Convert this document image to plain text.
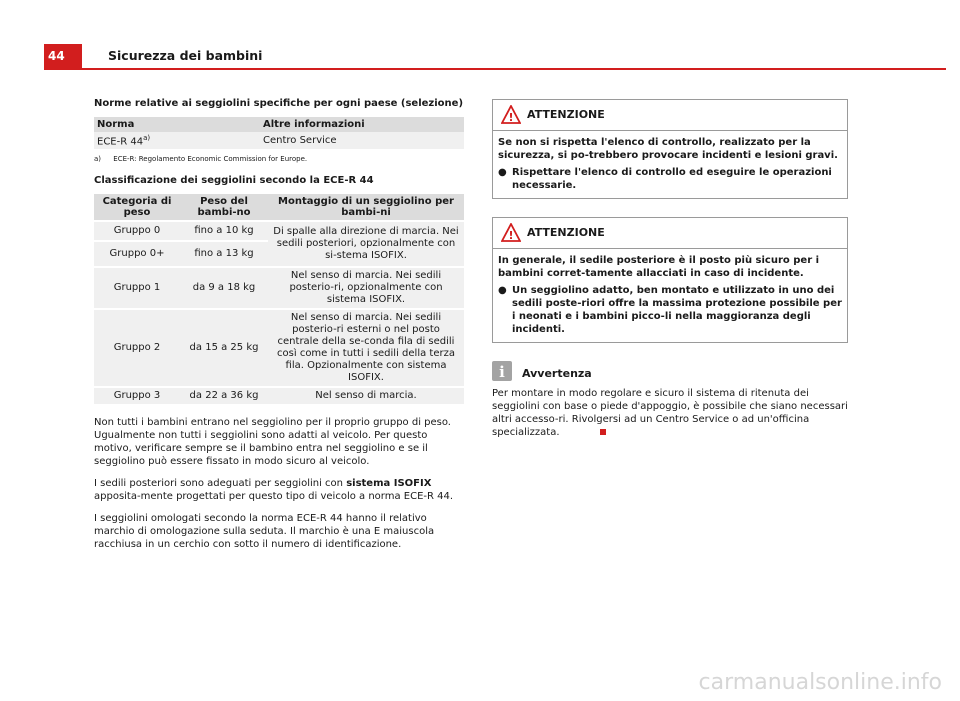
44	Sicurezza dei bambini
Norme relative ai seggiolini specifiche per ogni paese (selezione)
Norma	Altre informazioni
ECE-R 44$^{a)}$	Centro Service
a) ECE-R: Regolamento Economic Commission for Europe.
Classificazione dei seggiolini secondo la ECE-R 44
Categoria di peso	Peso del bambi-no	Montaggio di un seggiolino per bambi-ni
Gruppo 0	fino a 10 kg	Di spalle alla direzione di marcia. Nei sedili posteriori, opzionalmente con si-stema ISOFIX.
Gruppo 0+	fino a 13 kg	
Gruppo 1	da 9 a 18 kg	Nel senso di marcia. Nei sedili posterio-ri, opzionalmente con sistema ISOFIX.
Gruppo 2	da 15 a 25 kg	Nel senso di marcia. Nei sedili posterio-ri esterni o nel posto centrale della se-conda fila di sedili così come in tutti i sedili della terza fila. Opzionalmente con sistema ISOFIX.
Gruppo 3	da 22 a 36 kg	Nel senso di marcia.

Non tutti i bambini entrano nel seggiolino per il proprio gruppo di peso. Ugualmente non tutti i seggiolini sono adatti al veicolo. Per questo motivo, verificare sempre se il bambino entra nel seggiolino e se il seggiolino può essere fissato in modo sicuro al veicolo.

I sedili posteriori sono adeguati per seggiolini con sistema ISOFIX apposita-mente progettati per questo tipo di veicolo a norma ECE-R 44.

I seggiolini omologati secondo la norma ECE-R 44 hanno il relativo marchio di omologazione sulla seduta. Il marchio è una E maiuscola racchiusa in un cerchio con sotto il numero di identificazione.

! ATTENZIONE

Se non si rispetta l'elenco di controllo, realizzato per la sicurezza, si po-trebbero provocare incidenti e lesioni gravi.

● Rispettare l'elenco di controllo ed eseguire le operazioni necessarie.
! ATTENZIONE

In generale, il sedile posteriore è il posto più sicuro per i bambini corret-tamente allacciati in caso di incidente.

● Un seggiolino adatto, ben montato e utilizzato in uno dei sedili poste-riori offre la massima protezione possibile per i neonati e i bambini picco-li nella maggioranza degli incidenti.
i Avvertenza

Per montare in modo regolare e sicuro il sistema di ritenuta dei seggiolini con base o piede d'appoggio, è possibile che siano necessari altri accesso-ri. Rivolgersi ad un Centro Service o ad un'officina specializzata.

carmanualsonline.info
